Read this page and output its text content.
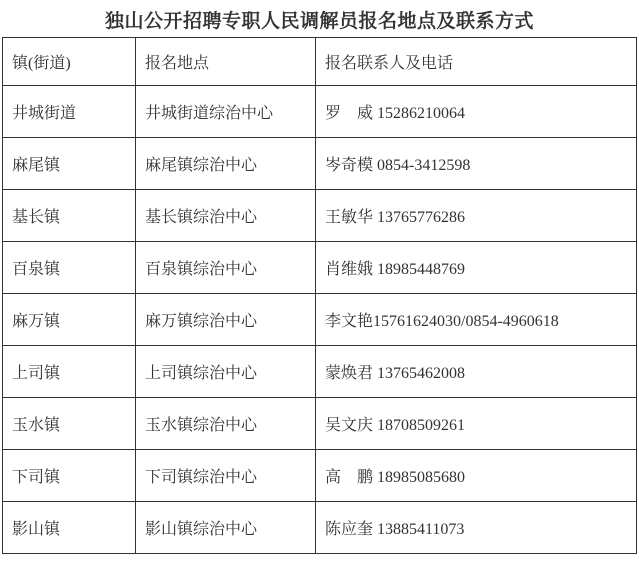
独山公开招聘专职人民调解员报名地点及联系方式
镇(街道)	报名地点	报名联系人及电话
井城街道	井城街道综治中心	罗　威 15286210064
麻尾镇	麻尾镇综治中心	岑奇模 0854-3412598
基长镇	基长镇综治中心	王敏华 13765776286
百泉镇	百泉镇综治中心	肖维娥 18985448769
麻万镇	麻万镇综治中心	李文艳15761624030/0854-4960618
上司镇	上司镇综治中心	蒙焕君 13765462008
玉水镇	玉水镇综治中心	吴文庆 18708509261
下司镇	下司镇综治中心	高　鹏 18985085680
影山镇	影山镇综治中心	陈应奎 13885411073
